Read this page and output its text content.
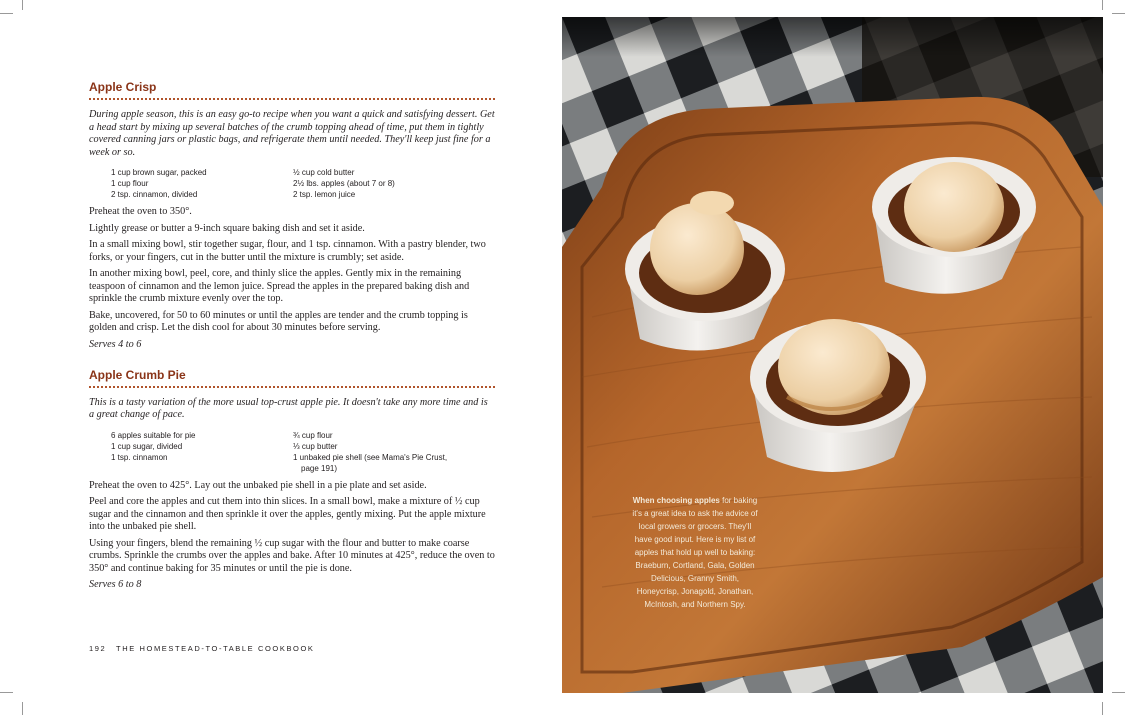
Apple Crisp

During apple season, this is an easy go-to recipe when you want a quick and satisfying dessert. Get a head start by mixing up several batches of the crumb topping ahead of time, put them in tightly covered canning jars or plastic bags, and refrigerate them until needed. They'll keep just fine for a week or so.

1 cup brown sugar, packed
1 cup flour
2 tsp. cinnamon, divided
½ cup cold butter
2½ lbs. apples (about 7 or 8)
2 tsp. lemon juice

Preheat the oven to 350°.

Lightly grease or butter a 9-inch square baking dish and set it aside.

In a small mixing bowl, stir together sugar, flour, and 1 tsp. cinnamon. With a pastry blender, two forks, or your fingers, cut in the butter until the mixture is crumbly; set aside.

In another mixing bowl, peel, core, and thinly slice the apples. Gently mix in the remaining teaspoon of cinnamon and the lemon juice. Spread the apples in the prepared baking dish and sprinkle the crumb mixture evenly over the top.

Bake, uncovered, for 50 to 60 minutes or until the apples are tender and the crumb topping is golden and crisp. Let the dish cool for about 30 minutes before serving.

Serves 4 to 6

Apple Crumb Pie

This is a tasty variation of the more usual top-crust apple pie. It doesn't take any more time and is a great change of pace.

6 apples suitable for pie
1 cup sugar, divided
1 tsp. cinnamon
¾ cup flour
⅓ cup butter
1 unbaked pie shell (see Mama's Pie Crust,
page 191)

Preheat the oven to 425°. Lay out the unbaked pie shell in a pie plate and set aside.

Peel and core the apples and cut them into thin slices. In a small bowl, make a mixture of ½ cup sugar and the cinnamon and then sprinkle it over the apples, gently mixing. Put the apple mixture into the unbaked pie shell.

Using your fingers, blend the remaining ½ cup sugar with the flour and butter to make coarse crumbs. Sprinkle the crumbs over the apples and bake. After 10 minutes at 425°, reduce the oven to 350° and continue baking for 35 minutes or until the pie is done.

Serves 6 to 8

192 THE HOMESTEAD-TO-TABLE COOKBOOK
When choosing apples for baking it's a great idea to ask the advice of local growers or grocers. They'll have good input. Here is my list of apples that hold up well to baking: Braeburn, Cortland, Gala, Golden Delicious, Granny Smith, Honeycrisp, Jonagold, Jonathan, McIntosh, and Northern Spy.
